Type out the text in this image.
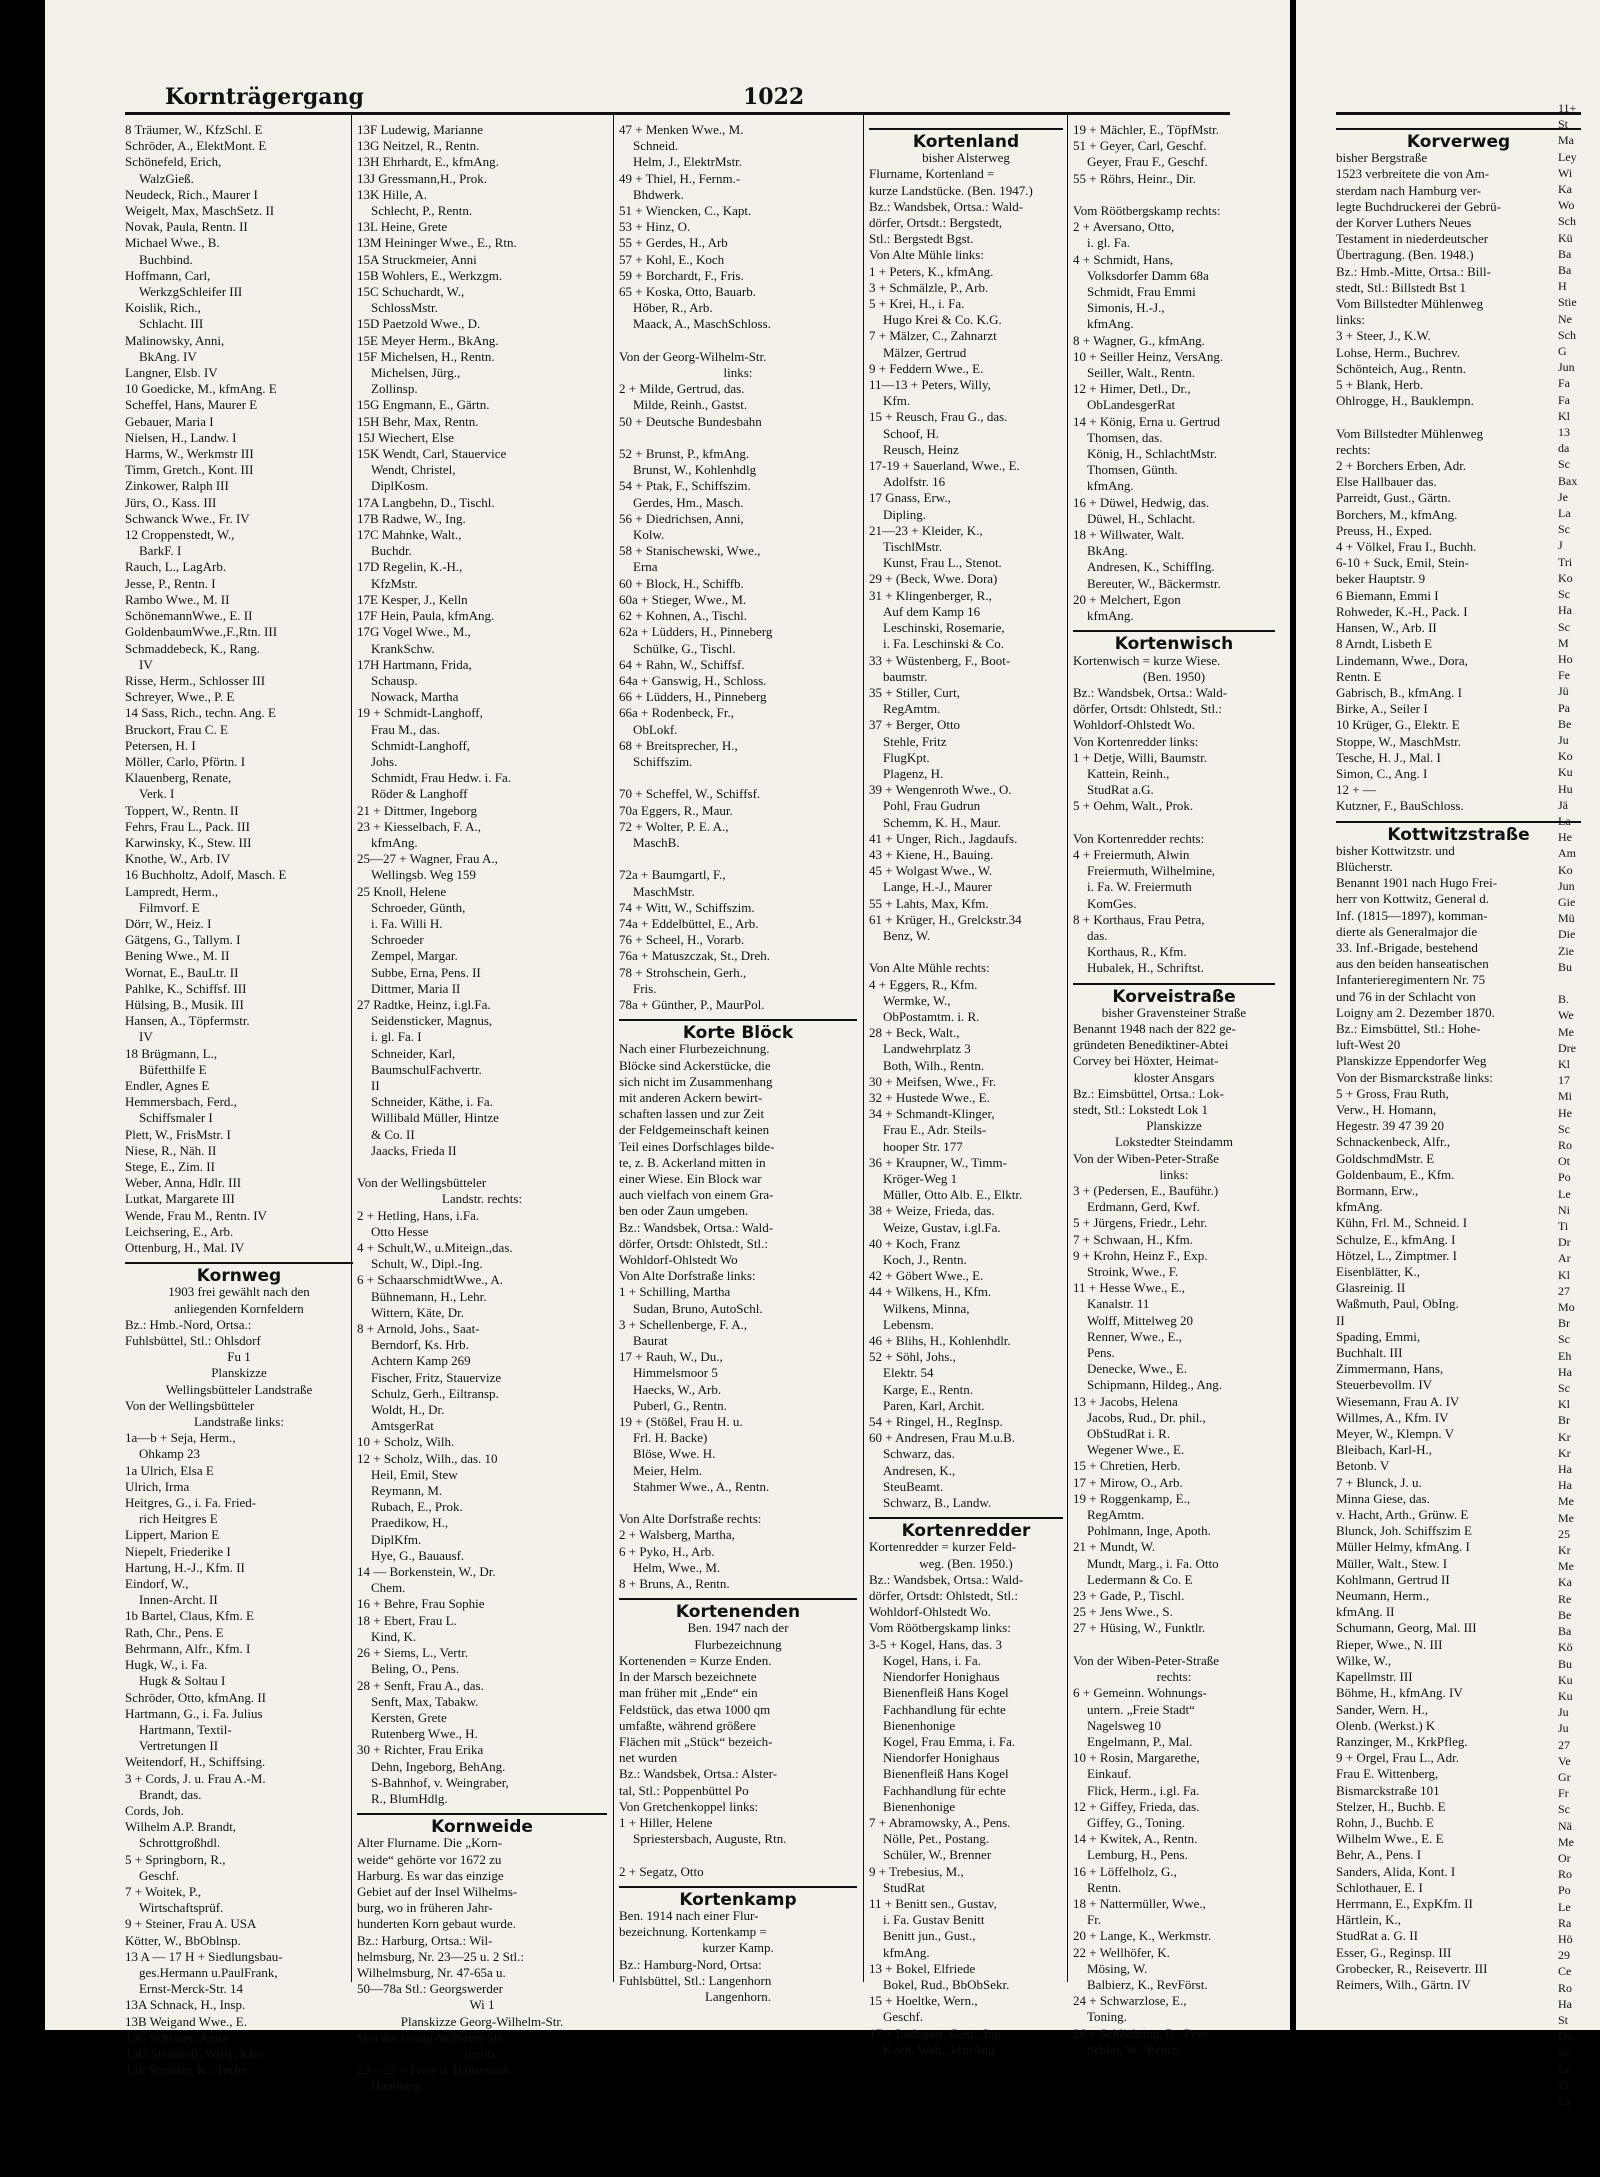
Kornträgergang	1022
8 Träumer, W., KfzSchl. E
Schröder, A., ElektMont. E
Schönefeld, Erich,
WalzGieß.
Neudeck, Rich., Maurer I
Weigelt, Max, MaschSetz. II
Novak, Paula, Rentn. II
Michael Wwe., B.
Buchbind.
Hoffmann, Carl,
WerkzgSchleifer III
Koislik, Rich.,
Schlacht. III
Malinowsky, Anni,
BkAng. IV
Langner, Elsb. IV
10 Goedicke, M., kfmAng. E
Scheffel, Hans, Maurer E
Gebauer, Maria I
Nielsen, H., Landw. I
Harms, W., Werkmstr III
Timm, Gretch., Kont. III
Zinkower, Ralph III
Jürs, O., Kass. III
Schwanck Wwe., Fr. IV
12 Croppenstedt, W.,
BarkF. I
Rauch, L., LagArb.
Jesse, P., Rentn. I
Rambo Wwe., M. II
SchönemannWwe., E. II
GoldenbaumWwe.,F.,Rtn. III
Schmaddebeck, K., Rang.
IV
Risse, Herm., Schlosser III
Schreyer, Wwe., P. E
14 Sass, Rich., techn. Ang. E
Bruckort, Frau C. E
Petersen, H. I
Möller, Carlo, Pförtn. I
Klauenberg, Renate,
Verk. I
Toppert, W., Rentn. II
Fehrs, Frau L., Pack. III
Karwinsky, K., Stew. III
Knothe, W., Arb. IV
16 Buchholtz, Adolf, Masch. E
Lampredt, Herm.,
Filmvorf. E
Dörr, W., Heiz. I
Gätgens, G., Tallym. I
Bening Wwe., M. II
Wornat, E., BauLtr. II
Pahlke, K., Schiffsf. III
Hülsing, B., Musik. III
Hansen, A., Töpfermstr.
IV
18 Brügmann, L.,
Büfetthilfe E
Endler, Agnes E
Hemmersbach, Ferd.,
Schiffsmaler I
Plett, W., FrisMstr. I
Niese, R., Näh. II
Stege, E., Zim. II
Weber, Anna, Hdlr. III
Lutkat, Margarete III
Wende, Frau M., Rentn. IV
Leichsering, E., Arb.
Ottenburg, H., Mal. IV
Kornweg
1903 frei gewählt nach den
anliegenden Kornfeldern
Bz.: Hmb.-Nord, Ortsa.:
Fuhlsbüttel, Stl.: Ohlsdorf
Fu 1
Planskizze
Wellingsbütteler Landstraße
Von der Wellingsbütteler
Landstraße links:
1a—b + Seja, Herm.,
Ohkamp 23
1a Ulrich, Elsa E
Ulrich, Irma
Heitgres, G., i. Fa. Fried-
rich Heitgres E
Lippert, Marion E
Niepelt, Friederike I
Hartung, H.-J., Kfm. II
Eindorf, W.,
Innen-Archt. II
1b Bartel, Claus, Kfm. E
Rath, Chr., Pens. E
Behrmann, Alfr., Kfm. I
Hugk, W., i. Fa.
Hugk & Soltau I
Schröder, Otto, kfmAng. II
Hartmann, G., i. Fa. Julius
Hartmann, Textil-
Vertretungen II
Weitendorf, H., Schiffsing.
3 + Cords, J. u. Frau A.-M.
Brandt, das.
Cords, Joh.
Wilhelm A.P. Brandt,
Schrottgroßhdl.
5 + Springborn, R.,
Geschf.
7 + Woitek, P.,
Wirtschaftsprüf.
9 + Steiner, Frau A. USA
Kötter, W., BbOblnsp.
13 A — 17 H + Siedlungsbau-
ges.Hermann u.PaulFrank,
Ernst-Merck-Str. 14
13A Schnack, H., Insp.
13B Weigand Wwe., E.
13C Schröter, Anna
13D Steinhoff, Willy, Kfm.
13E Struhler, K., Techn.
13F Ludewig, Marianne
13G Neitzel, R., Rentn.
13H Ehrhardt, E., kfmAng.
13J Gressmann,H., Prok.
13K Hille, A.
Schlecht, P., Rentn.
13L Heine, Grete
13M Heininger Wwe., E., Rtn.
15A Struckmeier, Anni
15B Wohlers, E., Werkzgm.
15C Schuchardt, W.,
SchlossMstr.
15D Paetzold Wwe., D.
15E Meyer Herm., BkAng.
15F Michelsen, H., Rentn.
Michelsen, Jürg.,
Zollinsp.
15G Engmann, E., Gärtn.
15H Behr, Max, Rentn.
15J Wiechert, Else
15K Wendt, Carl, Stauervice
Wendt, Christel,
DiplKosm.
17A Langbehn, D., Tischl.
17B Radwe, W., Ing.
17C Mahnke, Walt.,
Buchdr.
17D Regelin, K.-H.,
KfzMstr.
17E Kesper, J., Kelln
17F Hein, Paula, kfmAng.
17G Vogel Wwe., M.,
KrankSchw.
17H Hartmann, Frida,
Schausp.
Nowack, Martha
19 + Schmidt-Langhoff,
Frau M., das.
Schmidt-Langhoff,
Johs.
Schmidt, Frau Hedw. i. Fa.
Röder & Langhoff
21 + Dittmer, Ingeborg
23 + Kiesselbach, F. A.,
kfmAng.
25—27 + Wagner, Frau A.,
Wellingsb. Weg 159
25 Knoll, Helene
Schroeder, Günth,
i. Fa. Willi H.
Schroeder
Zempel, Margar.
Subbe, Erna, Pens. II
Dittmer, Maria II
27 Radtke, Heinz, i.gl.Fa.
Seidensticker, Magnus,
i. gl. Fa. I
Schneider, Karl,
BaumschulFachvertr.
II
Schneider, Käthe, i. Fa.
Willibald Müller, Hintze
& Co. II
Jaacks, Frieda II

Von der Wellingsbütteler
Landstr. rechts:
2 + Hetling, Hans, i.Fa.
Otto Hesse
4 + Schult,W., u.Miteign.,das.
Schult, W., Dipl.-Ing.
6 + SchaarschmidtWwe., A.
Bühnemann, H., Lehr.
Wittern, Käte, Dr.
8 + Arnold, Johs., Saat-
Berndorf, Ks. Hrb.
Achtern Kamp 269
Fischer, Fritz, Stauervize
Schulz, Gerh., Eiltransp.
Woldt, H., Dr.
AmtsgerRat
10 + Scholz, Wilh.
12 + Scholz, Wilh., das. 10
Heil, Emil, Stew
Reymann, M.
Rubach, E., Prok.
Praedikow, H.,
DiplKfm.
Hye, G., Bauausf.
14 — Borkenstein, W., Dr.
Chem.
16 + Behre, Frau Sophie
18 + Ebert, Frau L.
Kind, K.
26 + Siems, L., Vertr.
Beling, O., Pens.
28 + Senft, Frau A., das.
Senft, Max, Tabakw.
Kersten, Grete
Rutenberg Wwe., H.
30 + Richter, Frau Erika
Dehn, Ingeborg, BehAng.
S-Bahnhof, v. Weingraber,
R., BlumHdlg.
Kornweide
Alter Flurname. Die „Korn-
weide“ gehörte vor 1672 zu
Harburg. Es war das einzige
Gebiet auf der Insel Wilhelms-
burg, wo in früheren Jahr-
hunderten Korn gebaut wurde.
Bz.: Harburg, Ortsa.: Wil-
helmsburg, Nr. 23—25 u. 2 Stl.:
Wilhelmsburg, Nr. 47-65a u.
50—78a Stl.: Georgswerder
Wi 1
Planskizze Georg-Wilhelm-Str.
Von der Georg-Wilhelm-Str.
rechts:
23—25 + Freie u. Hansestadt
Hamburg
47 + Menken Wwe., M.
Schneid.
Helm, J., ElektrMstr.
49 + Thiel, H., Fernm.-
Bhdwerk.
51 + Wiencken, C., Kapt.
53 + Hinz, O.
55 + Gerdes, H., Arb
57 + Kohl, E., Koch
59 + Borchardt, F., Fris.
65 + Koska, Otto, Bauarb.
Höber, R., Arb.
Maack, A., MaschSchloss.

Von der Georg-Wilhelm-Str.
links:
2 + Milde, Gertrud, das.
Milde, Reinh., Gastst.
50 + Deutsche Bundesbahn

52 + Brunst, P., kfmAng.
Brunst, W., Kohlenhdlg
54 + Ptak, F., Schiffszim.
Gerdes, Hm., Masch.
56 + Diedrichsen, Anni,
Kolw.
58 + Stanischewski, Wwe.,
Erna
60 + Block, H., Schiffb.
60a + Stieger, Wwe., M.
62 + Kohnen, A., Tischl.
62a + Lüdders, H., Pinneberg
Schülke, G., Tischl.
64 + Rahn, W., Schiffsf.
64a + Ganswig, H., Schloss.
66 + Lüdders, H., Pinneberg
66a + Rodenbeck, Fr.,
ObLokf.
68 + Breitsprecher, H.,
Schiffszim.

70 + Scheffel, W., Schiffsf.
70a Eggers, R., Maur.
72 + Wolter, P. E. A.,
MaschB.

72a + Baumgartl, F.,
MaschMstr.
74 + Witt, W., Schiffszim.
74a + Eddelbüttel, E., Arb.
76 + Scheel, H., Vorarb.
76a + Matuszczak, St., Dreh.
78 + Strohschein, Gerh.,
Fris.
78a + Günther, P., MaurPol.
Korte Blöck
Nach einer Flurbezeichnung.
Blöcke sind Ackerstücke, die
sich nicht im Zusammenhang
mit anderen Ackern bewirt-
schaften lassen und zur Zeit
der Feldgemeinschaft keinen
Teil eines Dorfschlages bilde-
te, z. B. Ackerland mitten in
einer Wiese. Ein Block war
auch vielfach von einem Gra-
ben oder Zaun umgeben.
Bz.: Wandsbek, Ortsa.: Wald-
dörfer, Ortsdt: Ohlstedt, Stl.:
Wohldorf-Ohlstedt Wo
Von Alte Dorfstraße links:
1 + Schilling, Martha
Sudan, Bruno, AutoSchl.
3 + Schellenberge, F. A.,
Baurat
17 + Rauh, W., Du.,
Himmelsmoor 5
Haecks, W., Arb.
Puberl, G., Rentn.
19 + (Stößel, Frau H. u.
Frl. H. Backe)
Blöse, Wwe. H.
Meier, Helm.
Stahmer Wwe., A., Rentn.

Von Alte Dorfstraße rechts:
2 + Walsberg, Martha,
6 + Pyko, H., Arb.
Helm, Wwe., M.
8 + Bruns, A., Rentn.
Kortenenden
Ben. 1947 nach der
Flurbezeichnung
Kortenenden = Kurze Enden.
In der Marsch bezeichnete
man früher mit „Ende“ ein
Feldstück, das etwa 1000 qm
umfaßte, während größere
Flächen mit „Stück“ bezeich-
net wurden
Bz.: Wandsbek, Ortsa.: Alster-
tal, Stl.: Poppenbüttel Po
Von Gretchenkoppel links:
1 + Hiller, Helene
Spriestersbach, Auguste, Rtn.

2 + Segatz, Otto
Kortenkamp
Ben. 1914 nach einer Flur-
bezeichnung. Kortenkamp =
kurzer Kamp.
Bz.: Hamburg-Nord, Ortsa:
Fuhlsbüttel, Stl.: Langenhorn
Langenhorn.
Kortenland
bisher Alsterweg
Flurname, Kortenland =
kurze Landstücke. (Ben. 1947.)
Bz.: Wandsbek, Ortsa.: Wald-
dörfer, Ortsdt.: Bergstedt,
Stl.: Bergstedt Bgst.
Von Alte Mühle links:
1 + Peters, K., kfmAng.
3 + Schmälzle, P., Arb.
5 + Krei, H., i. Fa.
Hugo Krei & Co. K.G.
7 + Mälzer, C., Zahnarzt
Mälzer, Gertrud
9 + Feddern Wwe., E.
11—13 + Peters, Willy,
Kfm.
15 + Reusch, Frau G., das.
Schoof, H.
Reusch, Heinz
17-19 + Sauerland, Wwe., E.
Adolfstr. 16
17 Gnass, Erw.,
Dipling.
21—23 + Kleider, K.,
TischlMstr.
Kunst, Frau L., Stenot.
29 + (Beck, Wwe. Dora)
31 + Klingenberger, R.,
Auf dem Kamp 16
Leschinski, Rosemarie,
i. Fa. Leschinski & Co.
33 + Wüstenberg, F., Boot-
baumstr.
35 + Stiller, Curt,
RegAmtm.
37 + Berger, Otto
Stehle, Fritz
FlugKpt.
Plagenz, H.
39 + Wengenroth Wwe., O.
Pohl, Frau Gudrun
Schemm, K. H., Maur.
41 + Unger, Rich., Jagdaufs.
43 + Kiene, H., Bauing.
45 + Wolgast Wwe., W.
Lange, H.-J., Maurer
55 + Lahts, Max, Kfm.
61 + Krüger, H., Grelckstr.34
Benz, W.

Von Alte Mühle rechts:
4 + Eggers, R., Kfm.
Wermke, W.,
ObPostamtm. i. R.
28 + Beck, Walt.,
Landwehrplatz 3
Both, Wilh., Rentn.
30 + Meifsen, Wwe., Fr.
32 + Hustede Wwe., E.
34 + Schmandt-Klinger,
Frau E., Adr. Steils-
hooper Str. 177
36 + Kraupner, W., Timm-
Kröger-Weg 1
Müller, Otto Alb. E., Elktr.
38 + Weize, Frieda, das.
Weize, Gustav, i.gl.Fa.
40 + Koch, Franz
Koch, J., Rentn.
42 + Göbert Wwe., E.
44 + Wilkens, H., Kfm.
Wilkens, Minna,
Lebensm.
46 + Blihs, H., Kohlenhdlr.
52 + Söhl, Johs.,
Elektr. 54
Karge, E., Rentn.
Paren, Karl, Archit.
54 + Ringel, H., RegInsp.
60 + Andresen, Frau M.u.B.
Schwarz, das.
Andresen, K.,
SteuBeamt.
Schwarz, B., Landw.
Kortenredder
Kortenredder = kurzer Feld-
weg. (Ben. 1950.)
Bz.: Wandsbek, Ortsa.: Wald-
dörfer, Ortsdt: Ohlstedt, Stl.:
Wohldorf-Ohlstedt Wo.
Vom Röötbergskamp links:
3-5 + Kogel, Hans, das. 3
Kogel, Hans, i. Fa.
Niendorfer Honighaus
Bienenfleiß Hans Kogel
Fachhandlung für echte
Bienenhonige
Kogel, Frau Emma, i. Fa.
Niendorfer Honighaus
Bienenfleiß Hans Kogel
Fachhandlung für echte
Bienenhonige
7 + Abramowsky, A., Pens.
Nölle, Pet., Postang.
Schüler, W., Brenner
9 + Trebesius, M.,
StudRat
11 + Benitt sen., Gustav,
i. Fa. Gustav Benitt
Benitt jun., Gust.,
kfmAng.
13 + Bokel, Elfriede
Bokel, Rud., BbObSekr.
15 + Hoeltke, Wern.,
Geschf.
17 + Ladegast, Gust., Ing.
Koch, Walt., kfmAng.
19 + Mächler, E., TöpfMstr.
51 + Geyer, Carl, Geschf.
Geyer, Frau F., Geschf.
55 + Röhrs, Heinr., Dir.

Vom Röötbergskamp rechts:
2 + Aversano, Otto,
i. gl. Fa.
4 + Schmidt, Hans,
Volksdorfer Damm 68a
Schmidt, Frau Emmi
Simonis, H.-J.,
kfmAng.
8 + Wagner, G., kfmAng.
10 + Seiller Heinz, VersAng.
Seiller, Walt., Rentn.
12 + Himer, Detl., Dr.,
ObLandesgerRat
14 + König, Erna u. Gertrud
Thomsen, das.
König, H., SchlachtMstr.
Thomsen, Günth.
kfmAng.
16 + Düwel, Hedwig, das.
Düwel, H., Schlacht.
18 + Willwater, Walt.
BkAng.
Andresen, K., SchiffIng.
Bereuter, W., Bäckermstr.
20 + Melchert, Egon
kfmAng.
Kortenwisch
Kortenwisch = kurze Wiese.
(Ben. 1950)
Bz.: Wandsbek, Ortsa.: Wald-
dörfer, Ortsdt: Ohlstedt, Stl.:
Wohldorf-Ohlstedt Wo.
Von Kortenredder links:
1 + Detje, Willi, Baumstr.
Kattein, Reinh.,
StudRat a.G.
5 + Oehm, Walt., Prok.

Von Kortenredder rechts:
4 + Freiermuth, Alwin
Freiermuth, Wilhelmine,
i. Fa. W. Freiermuth
KomGes.
8 + Korthaus, Frau Petra,
das.
Korthaus, R., Kfm.
Hubalek, H., Schriftst.
Korveistraße
bisher Gravensteiner Straße
Benannt 1948 nach der 822 ge-
gründeten Benediktiner-Abtei
Corvey bei Höxter, Heimat-
kloster Ansgars
Bz.: Eimsbüttel, Ortsa.: Lok-
stedt, Stl.: Lokstedt Lok 1
Planskizze
Lokstedter Steindamm
Von der Wiben-Peter-Straße
links:
3 + (Pedersen, E., Bauführ.)
Erdmann, Gerd, Kwf.
5 + Jürgens, Friedr., Lehr.
7 + Schwaan, H., Kfm.
9 + Krohn, Heinz F., Exp.
Stroink, Wwe., F.
11 + Hesse Wwe., E.,
Kanalstr. 11
Wolff, Mittelweg 20
Renner, Wwe., E.,
Pens.
Denecke, Wwe., E.
Schipmann, Hildeg., Ang.
13 + Jacobs, Helena
Jacobs, Rud., Dr. phil.,
ObStudRat i. R.
Wegener Wwe., E.
15 + Chretien, Herb.
17 + Mirow, O., Arb.
19 + Roggenkamp, E.,
RegAmtm.
Pohlmann, Inge, Apoth.
21 + Mundt, W.
Mundt, Marg., i. Fa. Otto
Ledermann & Co. E
23 + Gade, P., Tischl.
25 + Jens Wwe., S.
27 + Hüsing, W., Funktlr.

Von der Wiben-Peter-Straße
rechts:
6 + Gemeinn. Wohnungs-
untern. „Freie Stadt“
Nagelsweg 10
Engelmann, P., Mal.
10 + Rosin, Margarethe,
Einkauf.
Flick, Herm., i.gl. Fa.
12 + Giffey, Frieda, das.
Giffey, G., Toning.
14 + Kwitek, A., Rentn.
Lemburg, H., Pens.
16 + Löffelholz, G.,
Rentn.
18 + Nattermüller, Wwe.,
Fr.
20 + Lange, K., Werkmstr.
22 + Wellhöfer, K.
Mösing, W.
Balbierz, K., RevFörst.
24 + Schwarzlose, E.,
Toning.
26 + Schlichting, R., Pens.
Schlai, W., Rentn.
Korverweg
bisher Bergstraße
1523 verbreitete die von Am-
sterdam nach Hamburg ver-
legte Buchdruckerei der Gebrü-
der Korver Luthers Neues
Testament in niederdeutscher
Übertragung. (Ben. 1948.)
Bz.: Hmb.-Mitte, Ortsa.: Bill-
stedt, Stl.: Billstedt Bst 1
Vom Billstedter Mühlenweg
links:
3 + Steer, J., K.W.
Lohse, Herm., Buchrev.
Schönteich, Aug., Rentn.
5 + Blank, Herb.
Ohlrogge, H., Bauklempn.

Vom Billstedter Mühlenweg
rechts:
2 + Borchers Erben, Adr.
Else Hallbauer das.
Parreidt, Gust., Gärtn.
Borchers, M., kfmAng.
Preuss, H., Exped.
4 + Völkel, Frau I., Buchh.
6-10 + Suck, Emil, Stein-
beker Hauptstr. 9
6 Biemann, Emmi I
Rohweder, K.-H., Pack. I
Hansen, W., Arb. II
8 Arndt, Lisbeth E
Lindemann, Wwe., Dora,
Rentn. E
Gabrisch, B., kfmAng. I
Birke, A., Seiler I
10 Krüger, G., Elektr. E
Stoppe, W., MaschMstr.
Tesche, H. J., Mal. I
Simon, C., Ang. I
12 + —
Kutzner, F., BauSchloss.
Kottwitzstraße
bisher Kottwitzstr. und
Blücherstr.
Benannt 1901 nach Hugo Frei-
herr von Kottwitz, General d.
Inf. (1815—1897), komman-
dierte als Generalmajor die
33. Inf.-Brigade, bestehend
aus den beiden hanseatischen
Infanterieregimentern Nr. 75
und 76 in der Schlacht von
Loigny am 2. Dezember 1870.
Bz.: Eimsbüttel, Stl.: Hohe-
luft-West 20
Planskizze Eppendorfer Weg
Von der Bismarckstraße links:
5 + Gross, Frau Ruth,
Verw., H. Homann,
Hegestr. 39 47 39 20
Schnackenbeck, Alfr.,
GoldschmdMstr. E
Goldenbaum, E., Kfm.
Bormann, Erw.,
kfmAng.
Kühn, Frl. M., Schneid. I
Schulze, E., kfmAng. I
Hötzel, L., Zimptmer. I
Eisenblätter, K.,
Glasreinig. II
Waßmuth, Paul, ObIng.
II
Spading, Emmi,
Buchhalt. III
Zimmermann, Hans,
Steuerbevollm. IV
Wiesemann, Frau A. IV
Willmes, A., Kfm. IV
Meyer, W., Klempn. V
Bleibach, Karl-H.,
Betonb. V
7 + Blunck, J. u.
Minna Giese, das.
v. Hacht, Arth., Grünw. E
Blunck, Joh. Schiffszim E
Müller Helmy, kfmAng. I
Müller, Walt., Stew. I
Kohlmann, Gertrud II
Neumann, Herm.,
kfmAng. II
Schumann, Georg, Mal. III
Rieper, Wwe., N. III
Wilke, W.,
Kapellmstr. III
Böhme, H., kfmAng. IV
Sander, Wern. H.,
Olenb. (Werkst.) K
Ranzinger, M., KrkPfleg.
9 + Orgel, Frau L., Adr.
Frau E. Wittenberg,
Bismarckstraße 101
Stelzer, H., Buchb. E
Rohn, J., Buchb. E
Wilhelm Wwe., E. E
Behr, A., Pens. I
Sanders, Alida, Kont. I
Schlothauer, E. I
Herrmann, E., ExpKfm. II
Härtlein, K.,
StudRat a. G. II
Esser, G., Reginsp. III
Grobecker, R., Reisevertr. III
Reimers, Wilh., Gärtn. IV
11+
St
Ma
Ley
Wi
Ka
Wo
Sch
Kü
Ba
Ba
H
Stie
Ne
Sch
G
Jun
Fa
Fa
Kl
13
da
Sc
Bax
Je
La
Sc
J
Tri
Ko
Sc
Ha
Sc
M
Ho
Fe
Jü
Pa
Be
Ju
Ko
Ku
Hu
Jä
La
He
Am
Ko
Jun
Gie
Mü
Die
Zie
Bu

B.
We
Me
Dre
Kl
17
Mi
He
Sc
Ro
Ot
Po
Le
Ni
Ti
Dr
Ar
Kl
27
Mo
Br
Sc
Eh
Ha
Sc
Kl
Br
Kr
Kr
Ha
Ha
Me
Me
25
Kr
Me
Ka
Re
Be
Ba
Kö
Bu
Ku
Ku
Ju
Ju
27
Ve
Gr
Fr
Sc
Nä
Me
Or
Ro
Po
Le
Ra
Hö
29
Ce
Ro
Ha
St
Do
Sc
Le
Zi
La
